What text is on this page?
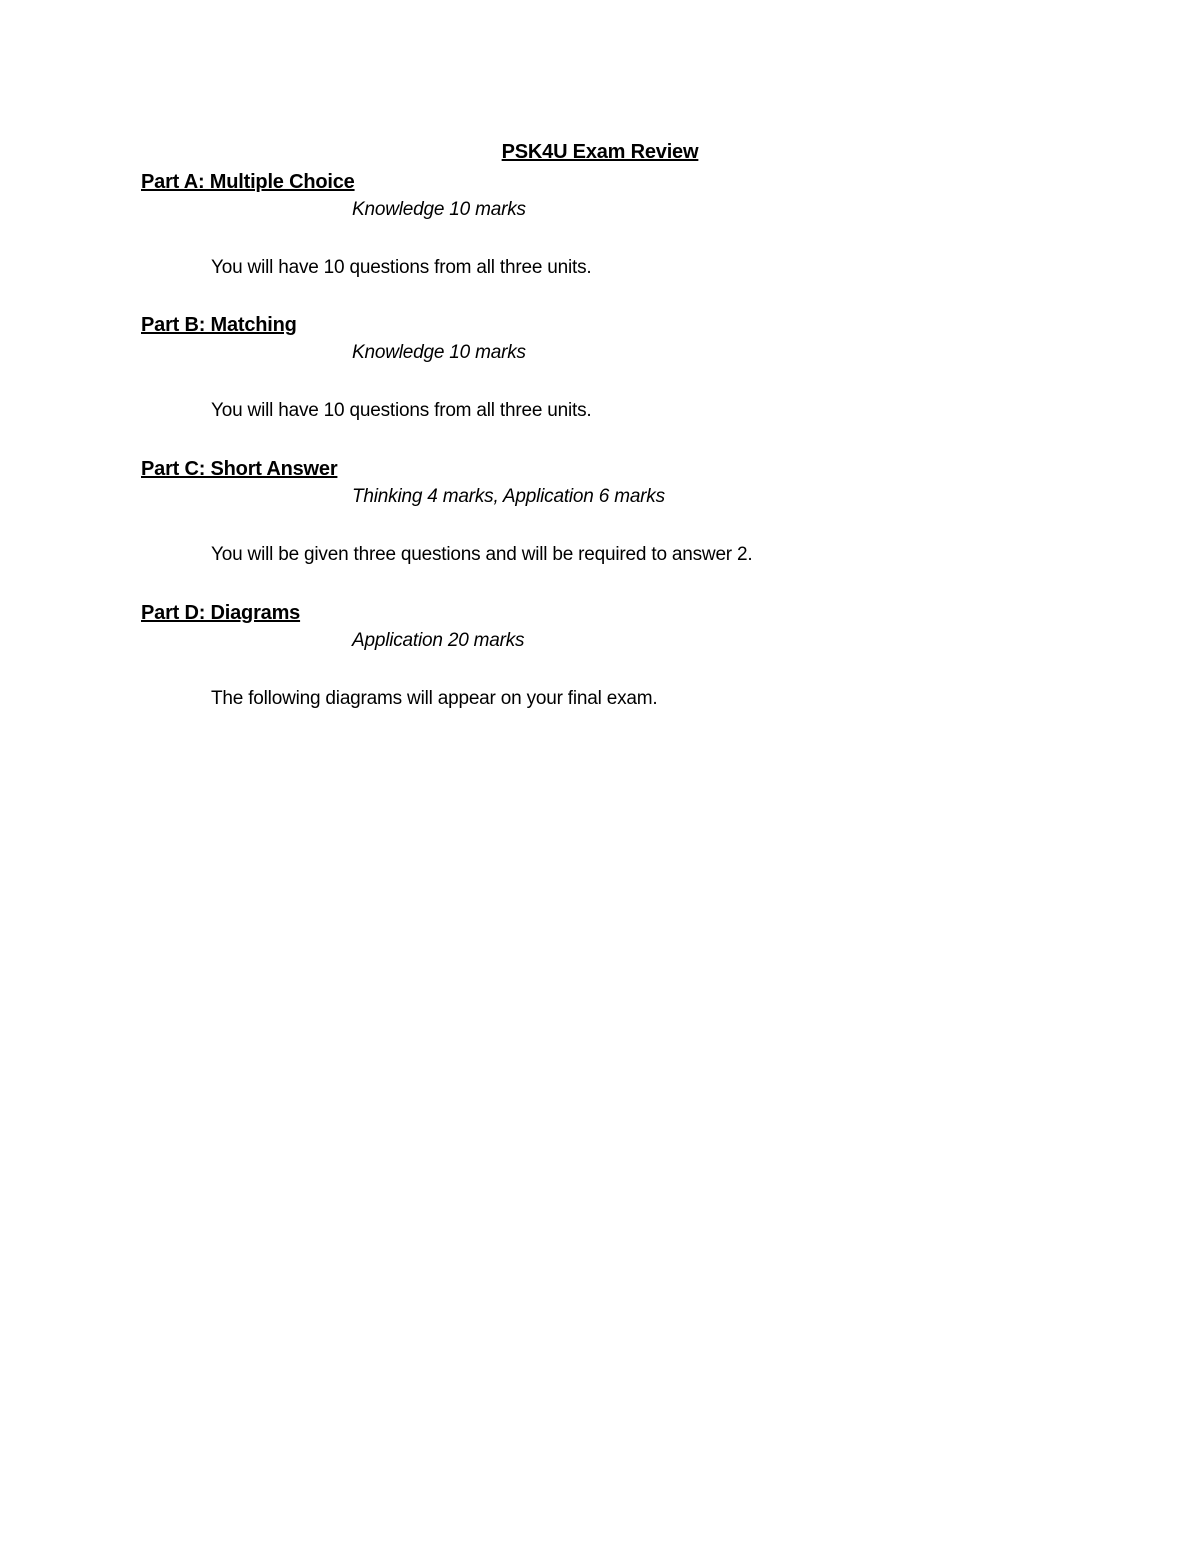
PSK4U Exam Review
Part A: Multiple Choice
Knowledge 10 marks
You will have 10 questions from all three units.
Part B: Matching
Knowledge 10 marks
You will have 10 questions from all three units.
Part C: Short Answer
Thinking 4 marks, Application 6 marks
You will be given three questions and will be required to answer 2.
Part D: Diagrams
Application 20 marks
The following diagrams will appear on your final exam.
